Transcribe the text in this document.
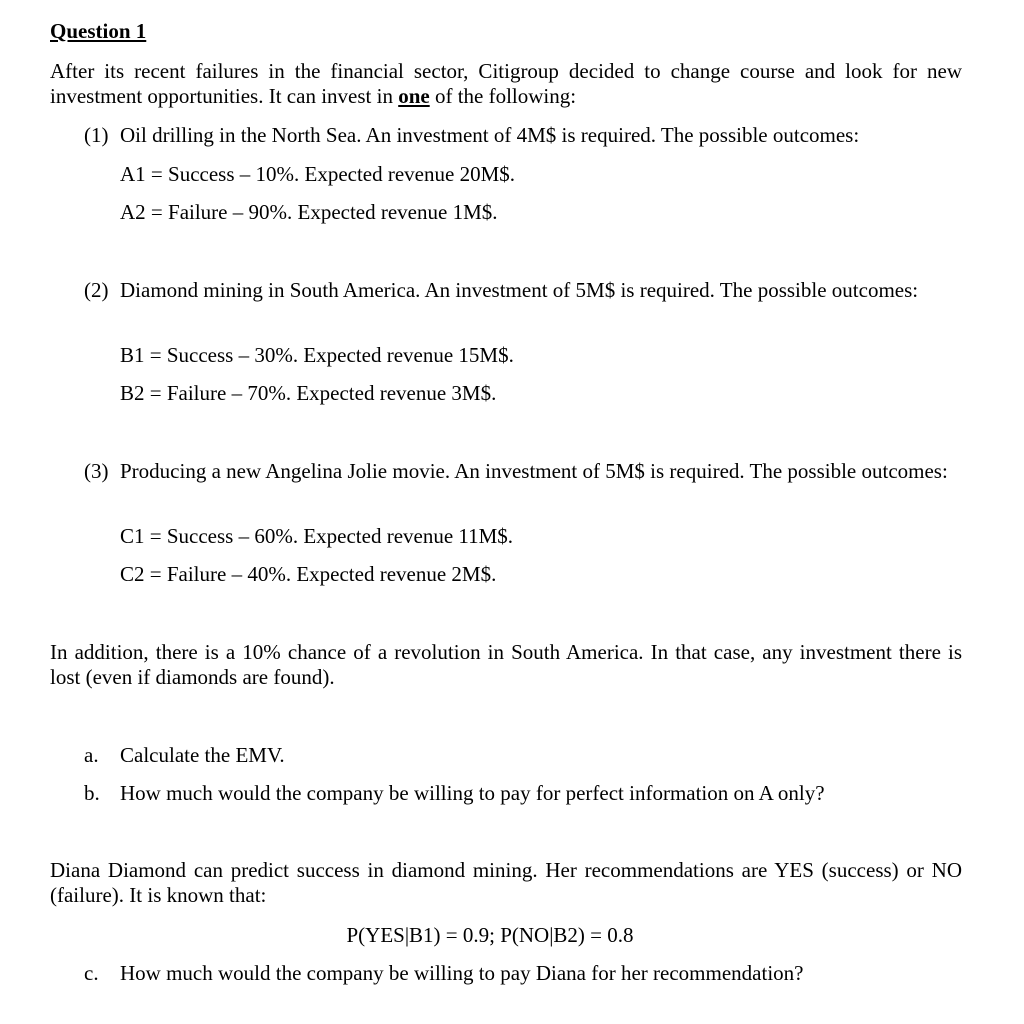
Question 1
After its recent failures in the financial sector, Citigroup decided to change course and look for new investment opportunities. It can invest in one of the following:
(1) Oil drilling in the North Sea. An investment of 4M$ is required. The possible outcomes:
A1 = Success – 10%. Expected revenue 20M$.
A2 = Failure – 90%. Expected revenue 1M$.
(2) Diamond mining in South America. An investment of 5M$ is required. The possible outcomes:
B1 = Success – 30%. Expected revenue 15M$.
B2 = Failure – 70%. Expected revenue 3M$.
(3) Producing a new Angelina Jolie movie. An investment of 5M$ is required. The possible outcomes:
C1 = Success – 60%. Expected revenue 11M$.
C2 = Failure – 40%. Expected revenue 2M$.
In addition, there is a 10% chance of a revolution in South America. In that case, any investment there is lost (even if diamonds are found).
a. Calculate the EMV.
b. How much would the company be willing to pay for perfect information on A only?
Diana Diamond can predict success in diamond mining. Her recommendations are YES (success) or NO (failure). It is known that:
P(YES|B1) = 0.9; P(NO|B2) = 0.8
c. How much would the company be willing to pay Diana for her recommendation?
